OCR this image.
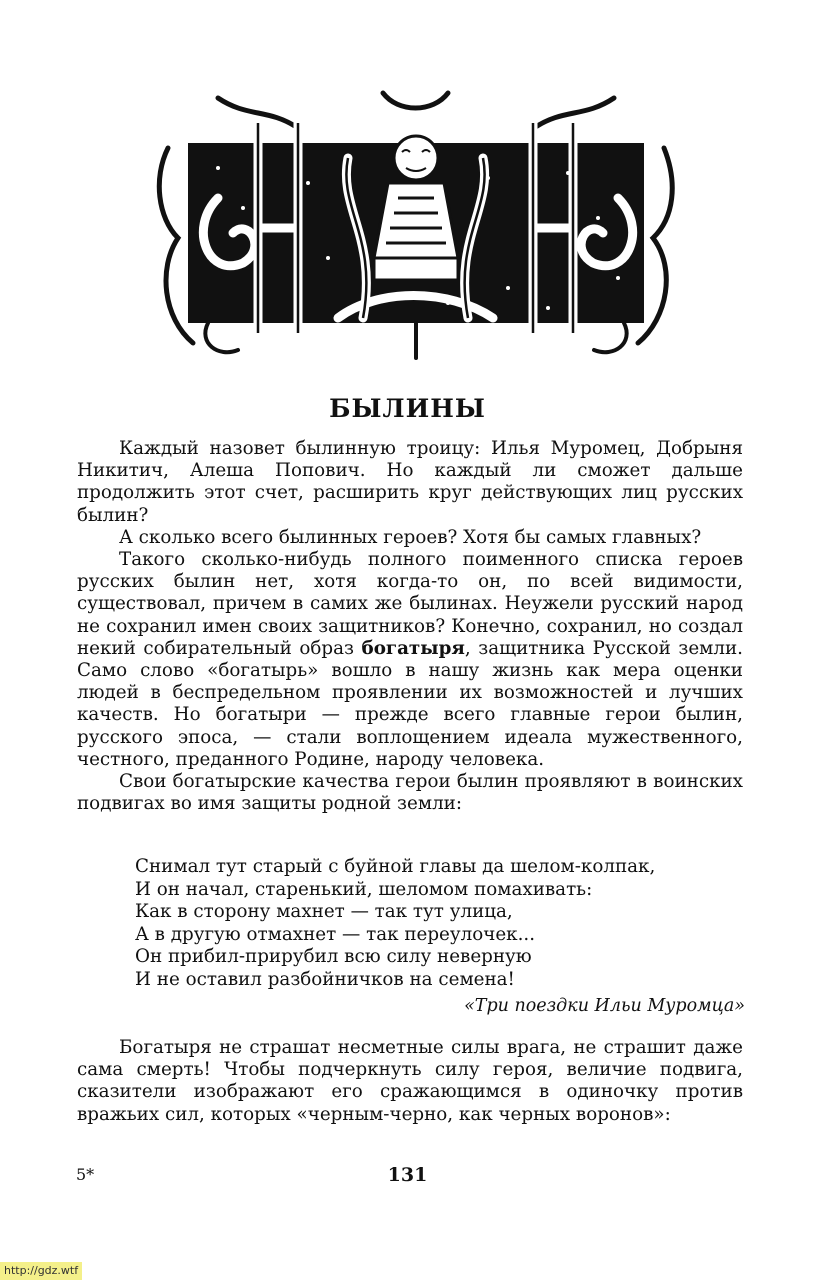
БЫЛИНЫ

Каждый назовет былинную троицу: Илья Муромец, Добрыня Никитич, Алеша Попович. Но каждый ли сможет дальше продолжить этот счет, расширить круг действующих лиц русских былин?

А сколько всего былинных героев? Хотя бы самых главных?

Такого сколько-нибудь полного поименного списка героев русских былин нет, хотя когда-то он, по всей видимости, существовал, причем в самих же былинах. Неужели русский народ не сохранил имен своих защитников? Конечно, сохранил, но создал некий собирательный образ богатыря, защитника Русской земли. Само слово «богатырь» вошло в нашу жизнь как мера оценки людей в беспредельном проявлении их возможностей и лучших качеств. Но богатыри — прежде всего главные герои былин, русского эпоса, — стали воплощением идеала мужественного, честного, преданного Родине, народу человека.

Свои богатырские качества герои былин проявляют в воинских подвигах во имя защиты родной земли:

Снимал тут старый с буйной главы да шелом-колпак,
И он начал, старенький, шеломом помахивать:
Как в сторону махнет — так тут улица,
А в другую отмахнет — так переулочек...
Он прибил-прирубил всю силу неверную
И не оставил разбойничков на семена!
«Три поездки Ильи Муромца»

Богатыря не страшат несметные силы врага, не страшит даже сама смерть! Чтобы подчеркнуть силу героя, величие подвига, сказители изображают его сражающимся в одиночку против вражьих сил, которых «черным-черно, как черных воронов»:

5*	131
http://gdz.wtf
